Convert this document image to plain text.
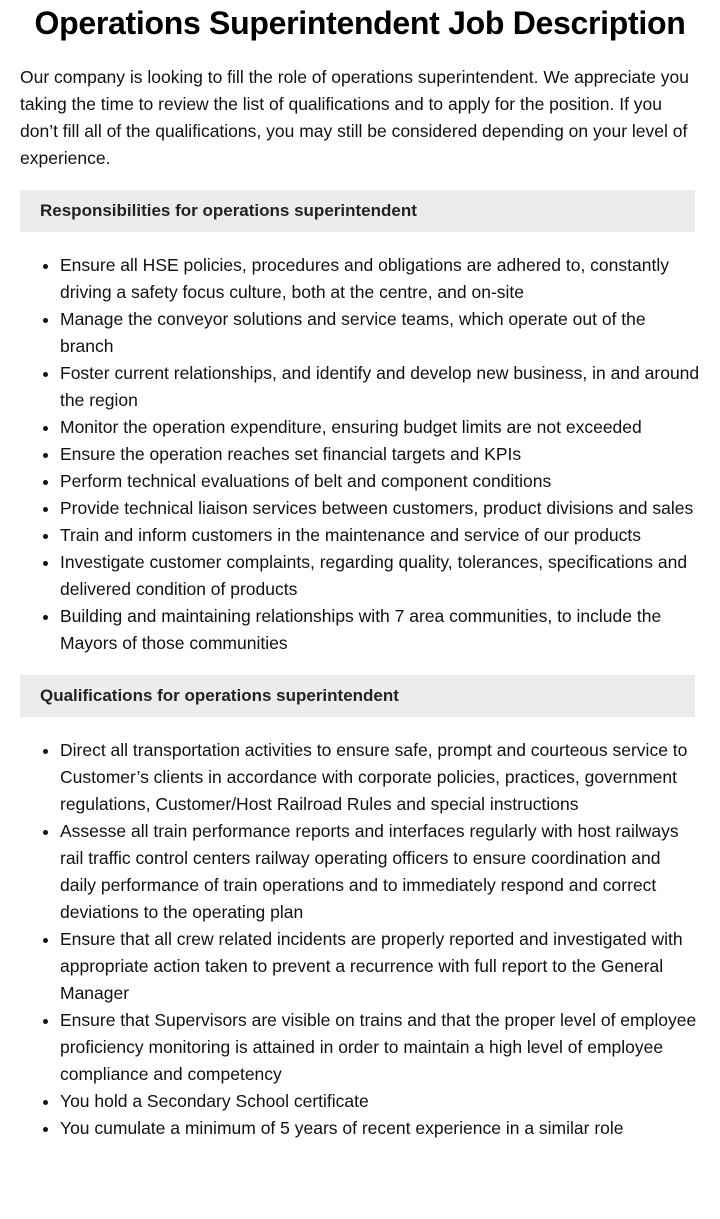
Operations Superintendent Job Description

Our company is looking to fill the role of operations superintendent. We appreciate you taking the time to review the list of qualifications and to apply for the position. If you don’t fill all of the qualifications, you may still be considered depending on your level of experience.

Responsibilities for operations superintendent
• Ensure all HSE policies, procedures and obligations are adhered to, constantly driving a safety focus culture, both at the centre, and on-site
• Manage the conveyor solutions and service teams, which operate out of the branch
• Foster current relationships, and identify and develop new business, in and around the region
• Monitor the operation expenditure, ensuring budget limits are not exceeded
• Ensure the operation reaches set financial targets and KPIs
• Perform technical evaluations of belt and component conditions
• Provide technical liaison services between customers, product divisions and sales
• Train and inform customers in the maintenance and service of our products
• Investigate customer complaints, regarding quality, tolerances, specifications and delivered condition of products
• Building and maintaining relationships with 7 area communities, to include the Mayors of those communities
Qualifications for operations superintendent
• Direct all transportation activities to ensure safe, prompt and courteous service to Customer’s clients in accordance with corporate policies, practices, government regulations, Customer/Host Railroad Rules and special instructions
• Assesse all train performance reports and interfaces regularly with host railways rail traffic control centers railway operating officers to ensure coordination and daily performance of train operations and to immediately respond and correct deviations to the operating plan
• Ensure that all crew related incidents are properly reported and investigated with appropriate action taken to prevent a recurrence with full report to the General Manager
• Ensure that Supervisors are visible on trains and that the proper level of employee proficiency monitoring is attained in order to maintain a high level of employee compliance and competency
• You hold a Secondary School certificate
• You cumulate a minimum of 5 years of recent experience in a similar role
